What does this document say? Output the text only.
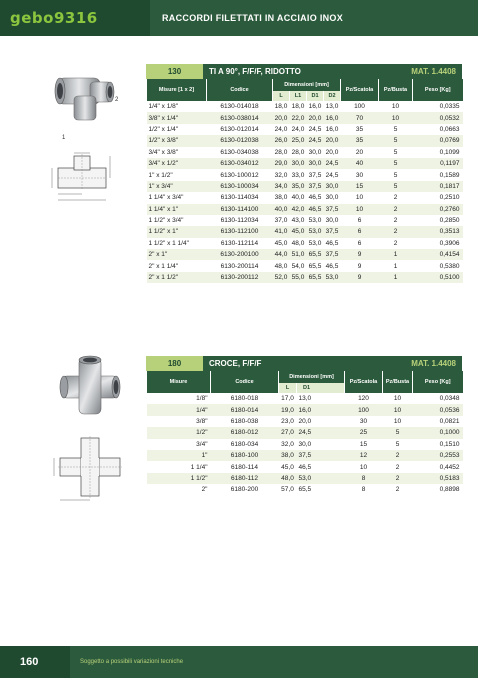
gebo9316	RACCORDI FILETTATI IN ACCIAIO INOX
2
1
130	TI A 90°, F/F/F, RIDOTTO	MAT. 1.4408
Misure [1 x 2]	Codice	Dimensioni [mm]				Pz/Scatola	Pz/Busta	Peso [Kg]
		L	L1	D1	D2			
1/4" x 1/8"	6130-014018	18,0	18,0	16,0	13,0	100	10	0,0335
3/8" x 1/4"	6130-038014	20,0	22,0	20,0	16,0	70	10	0,0532
1/2" x 1/4"	6130-012014	24,0	24,0	24,5	16,0	35	5	0,0663
1/2" x 3/8"	6130-012038	26,0	25,0	24,5	20,0	35	5	0,0769
3/4" x 3/8"	6130-034038	28,0	28,0	30,0	20,0	20	5	0,1099
3/4" x 1/2"	6130-034012	29,0	30,0	30,0	24,5	40	5	0,1197
1" x 1/2"	6130-100012	32,0	33,0	37,5	24,5	30	5	0,1589
1" x 3/4"	6130-100034	34,0	35,0	37,5	30,0	15	5	0,1817
1 1/4" x 3/4"	6130-114034	38,0	40,0	46,5	30,0	10	2	0,2510
1 1/4" x 1"	6130-114100	40,0	42,0	46,5	37,5	10	2	0,2760
1 1/2" x 3/4"	6130-112034	37,0	43,0	53,0	30,0	6	2	0,2850
1 1/2" x 1"	6130-112100	41,0	45,0	53,0	37,5	6	2	0,3513
1 1/2" x 1 1/4"	6130-112114	45,0	48,0	53,0	46,5	6	2	0,3906
2" x 1"	6130-200100	44,0	51,0	65,5	37,5	9	1	0,4154
2" x 1 1/4"	6130-200114	48,0	54,0	65,5	46,5	9	1	0,5380
2" x 1 1/2"	6130-200112	52,0	55,0	65,5	53,0	9	1	0,5100
180	CROCE, F/F/F	MAT. 1.4408
Misure	Codice	Dimensioni [mm]		Pz/Scatola	Pz/Busta	Peso [Kg]
		L	D1			
1/8"	6180-018	17,0	13,0	120	10	0,0348
1/4"	6180-014	19,0	16,0	100	10	0,0536
3/8"	6180-038	23,0	20,0	30	10	0,0821
1/2"	6180-012	27,0	24,5	25	5	0,1000
3/4"	6180-034	32,0	30,0	15	5	0,1510
1"	6180-100	38,0	37,5	12	2	0,2553
1 1/4"	6180-114	45,0	46,5	10	2	0,4452
1 1/2"	6180-112	48,0	53,0	8	2	0,5183
2"	6180-200	57,0	65,5	8	2	0,8898
160	Soggetto a possibili variazioni tecniche
